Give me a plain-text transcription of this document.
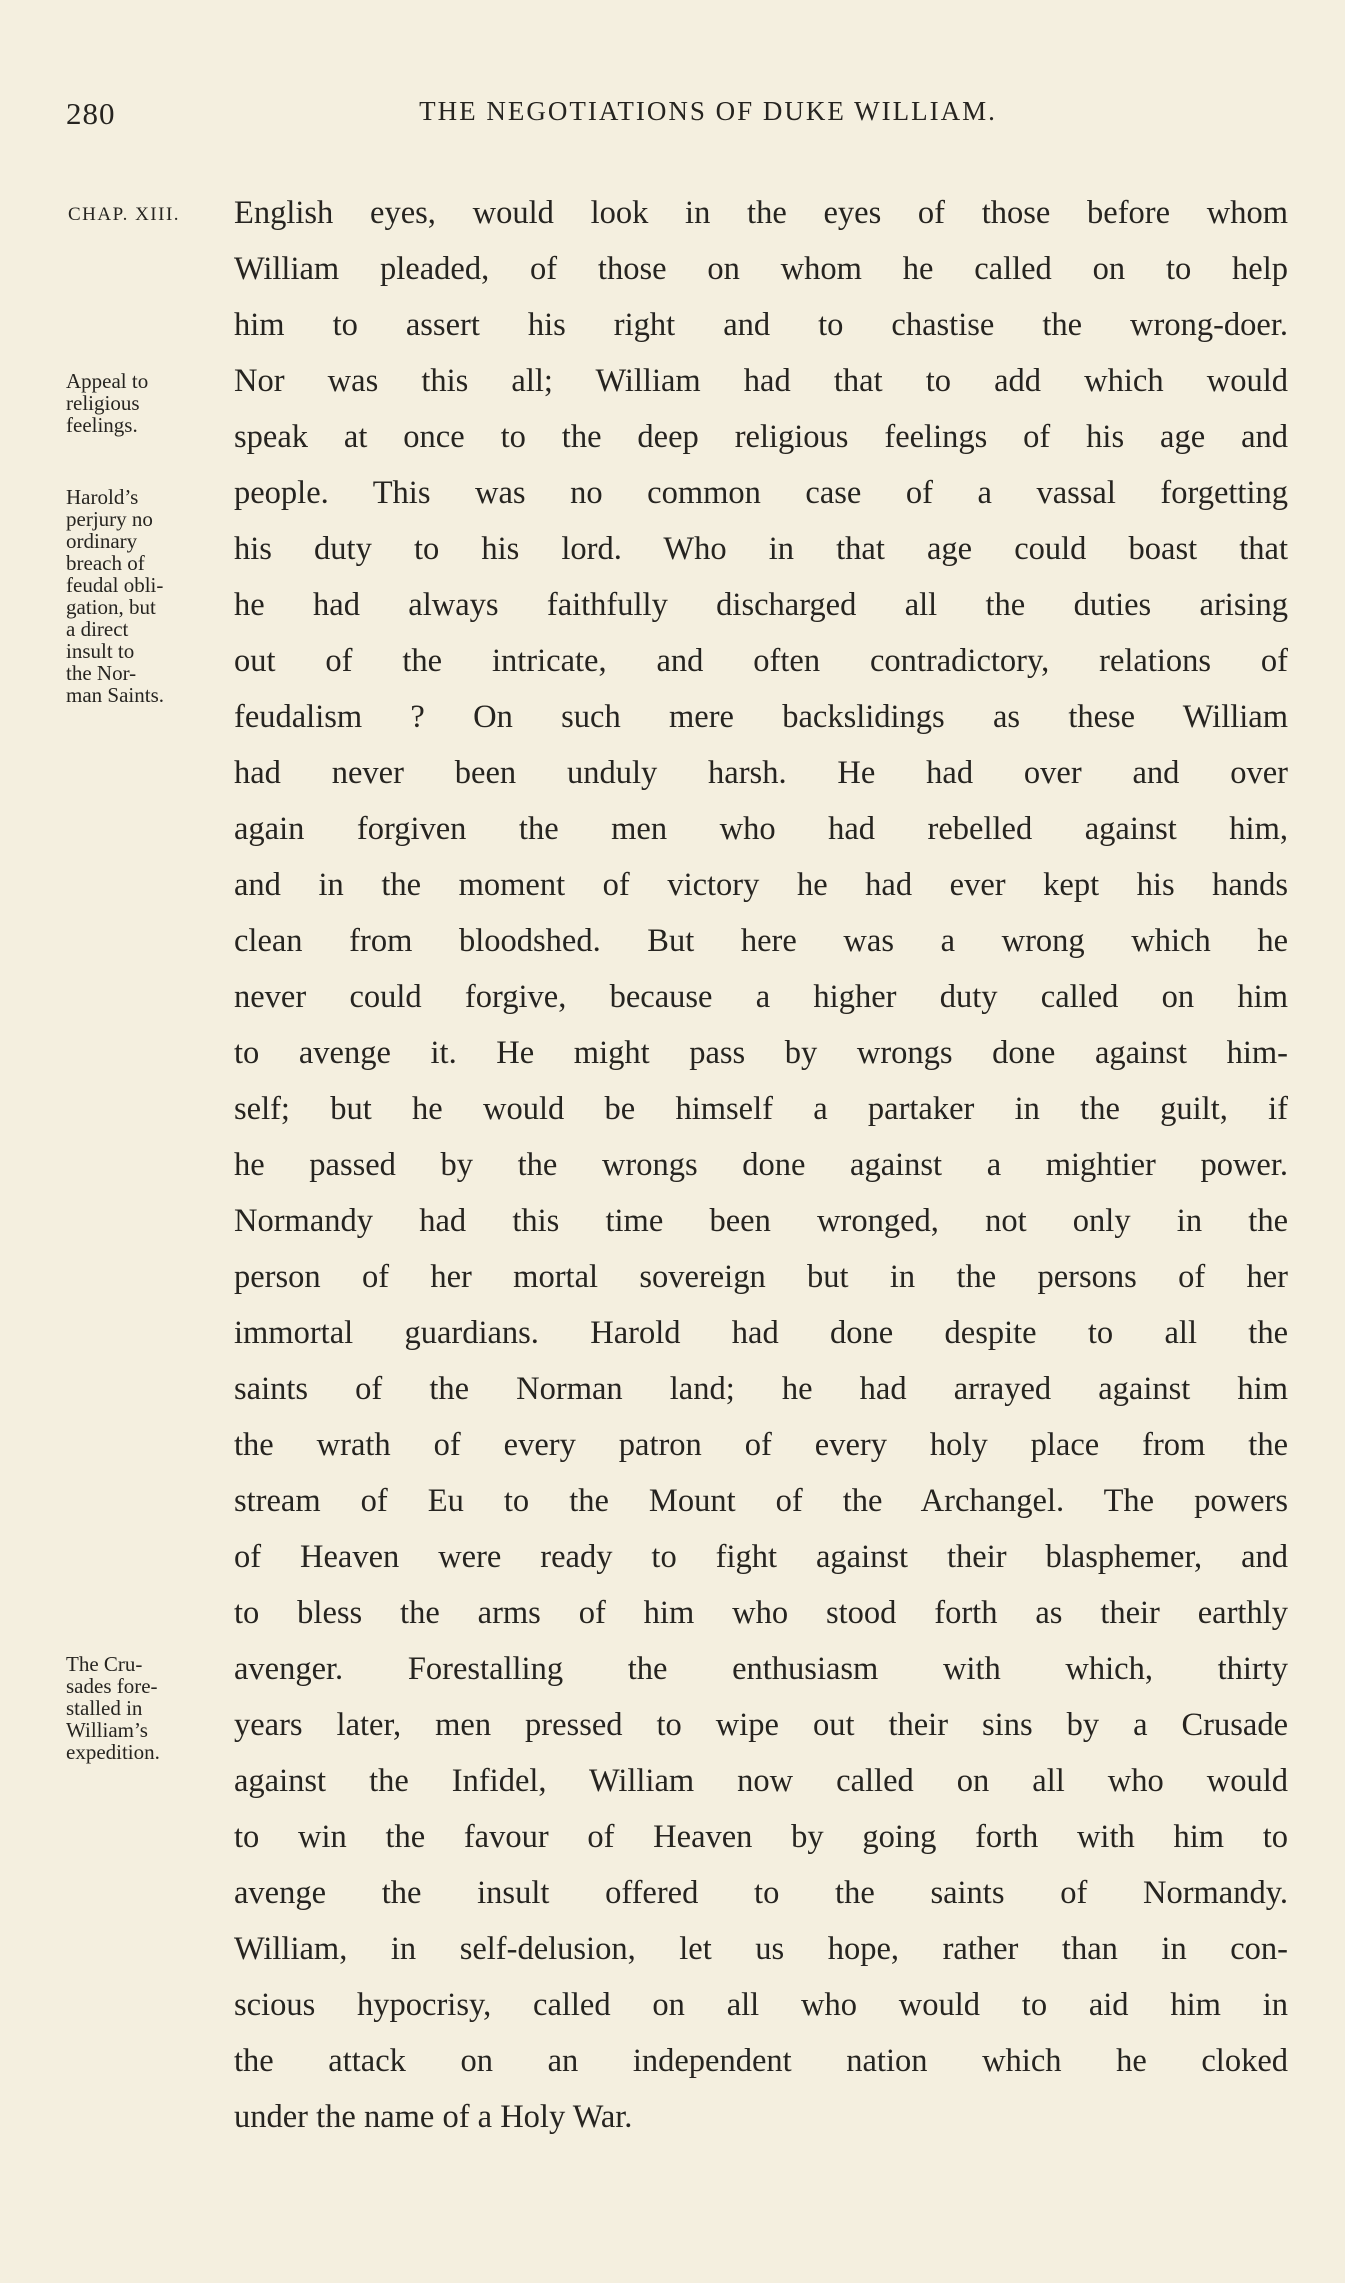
280	THE NEGOTIATIONS OF DUKE WILLIAM.
CHAP. XIII.
Appeal to
religious
feelings.
Harold’s
perjury no
ordinary
breach of
feudal obli-
gation, but
a direct
insult to
the Nor-
man Saints.
The Cru-
sades fore-
stalled in
William’s
expedition.
English eyes, would look in the eyes of those before whom
William pleaded, of those on whom he called on to help
him to assert his right and to chastise the wrong-doer.
Nor was this all; William had that to add which would
speak at once to the deep religious feelings of his age and
people. This was no common case of a vassal forgetting
his duty to his lord. Who in that age could boast that
he had always faithfully discharged all the duties arising
out of the intricate, and often contradictory, relations of
feudalism ? On such mere backslidings as these William
had never been unduly harsh. He had over and over
again forgiven the men who had rebelled against him,
and in the moment of victory he had ever kept his hands
clean from bloodshed. But here was a wrong which he
never could forgive, because a higher duty called on him
to avenge it. He might pass by wrongs done against him-
self; but he would be himself a partaker in the guilt, if
he passed by the wrongs done against a mightier power.
Normandy had this time been wronged, not only in the
person of her mortal sovereign but in the persons of her
immortal guardians. Harold had done despite to all the
saints of the Norman land; he had arrayed against him
the wrath of every patron of every holy place from the
stream of Eu to the Mount of the Archangel. The powers
of Heaven were ready to fight against their blasphemer, and
to bless the arms of him who stood forth as their earthly
avenger. Forestalling the enthusiasm with which, thirty
years later, men pressed to wipe out their sins by a Crusade
against the Infidel, William now called on all who would
to win the favour of Heaven by going forth with him to
avenge the insult offered to the saints of Normandy.
William, in self-delusion, let us hope, rather than in con-
scious hypocrisy, called on all who would to aid him in
the attack on an independent nation which he cloked
under the name of a Holy War.
